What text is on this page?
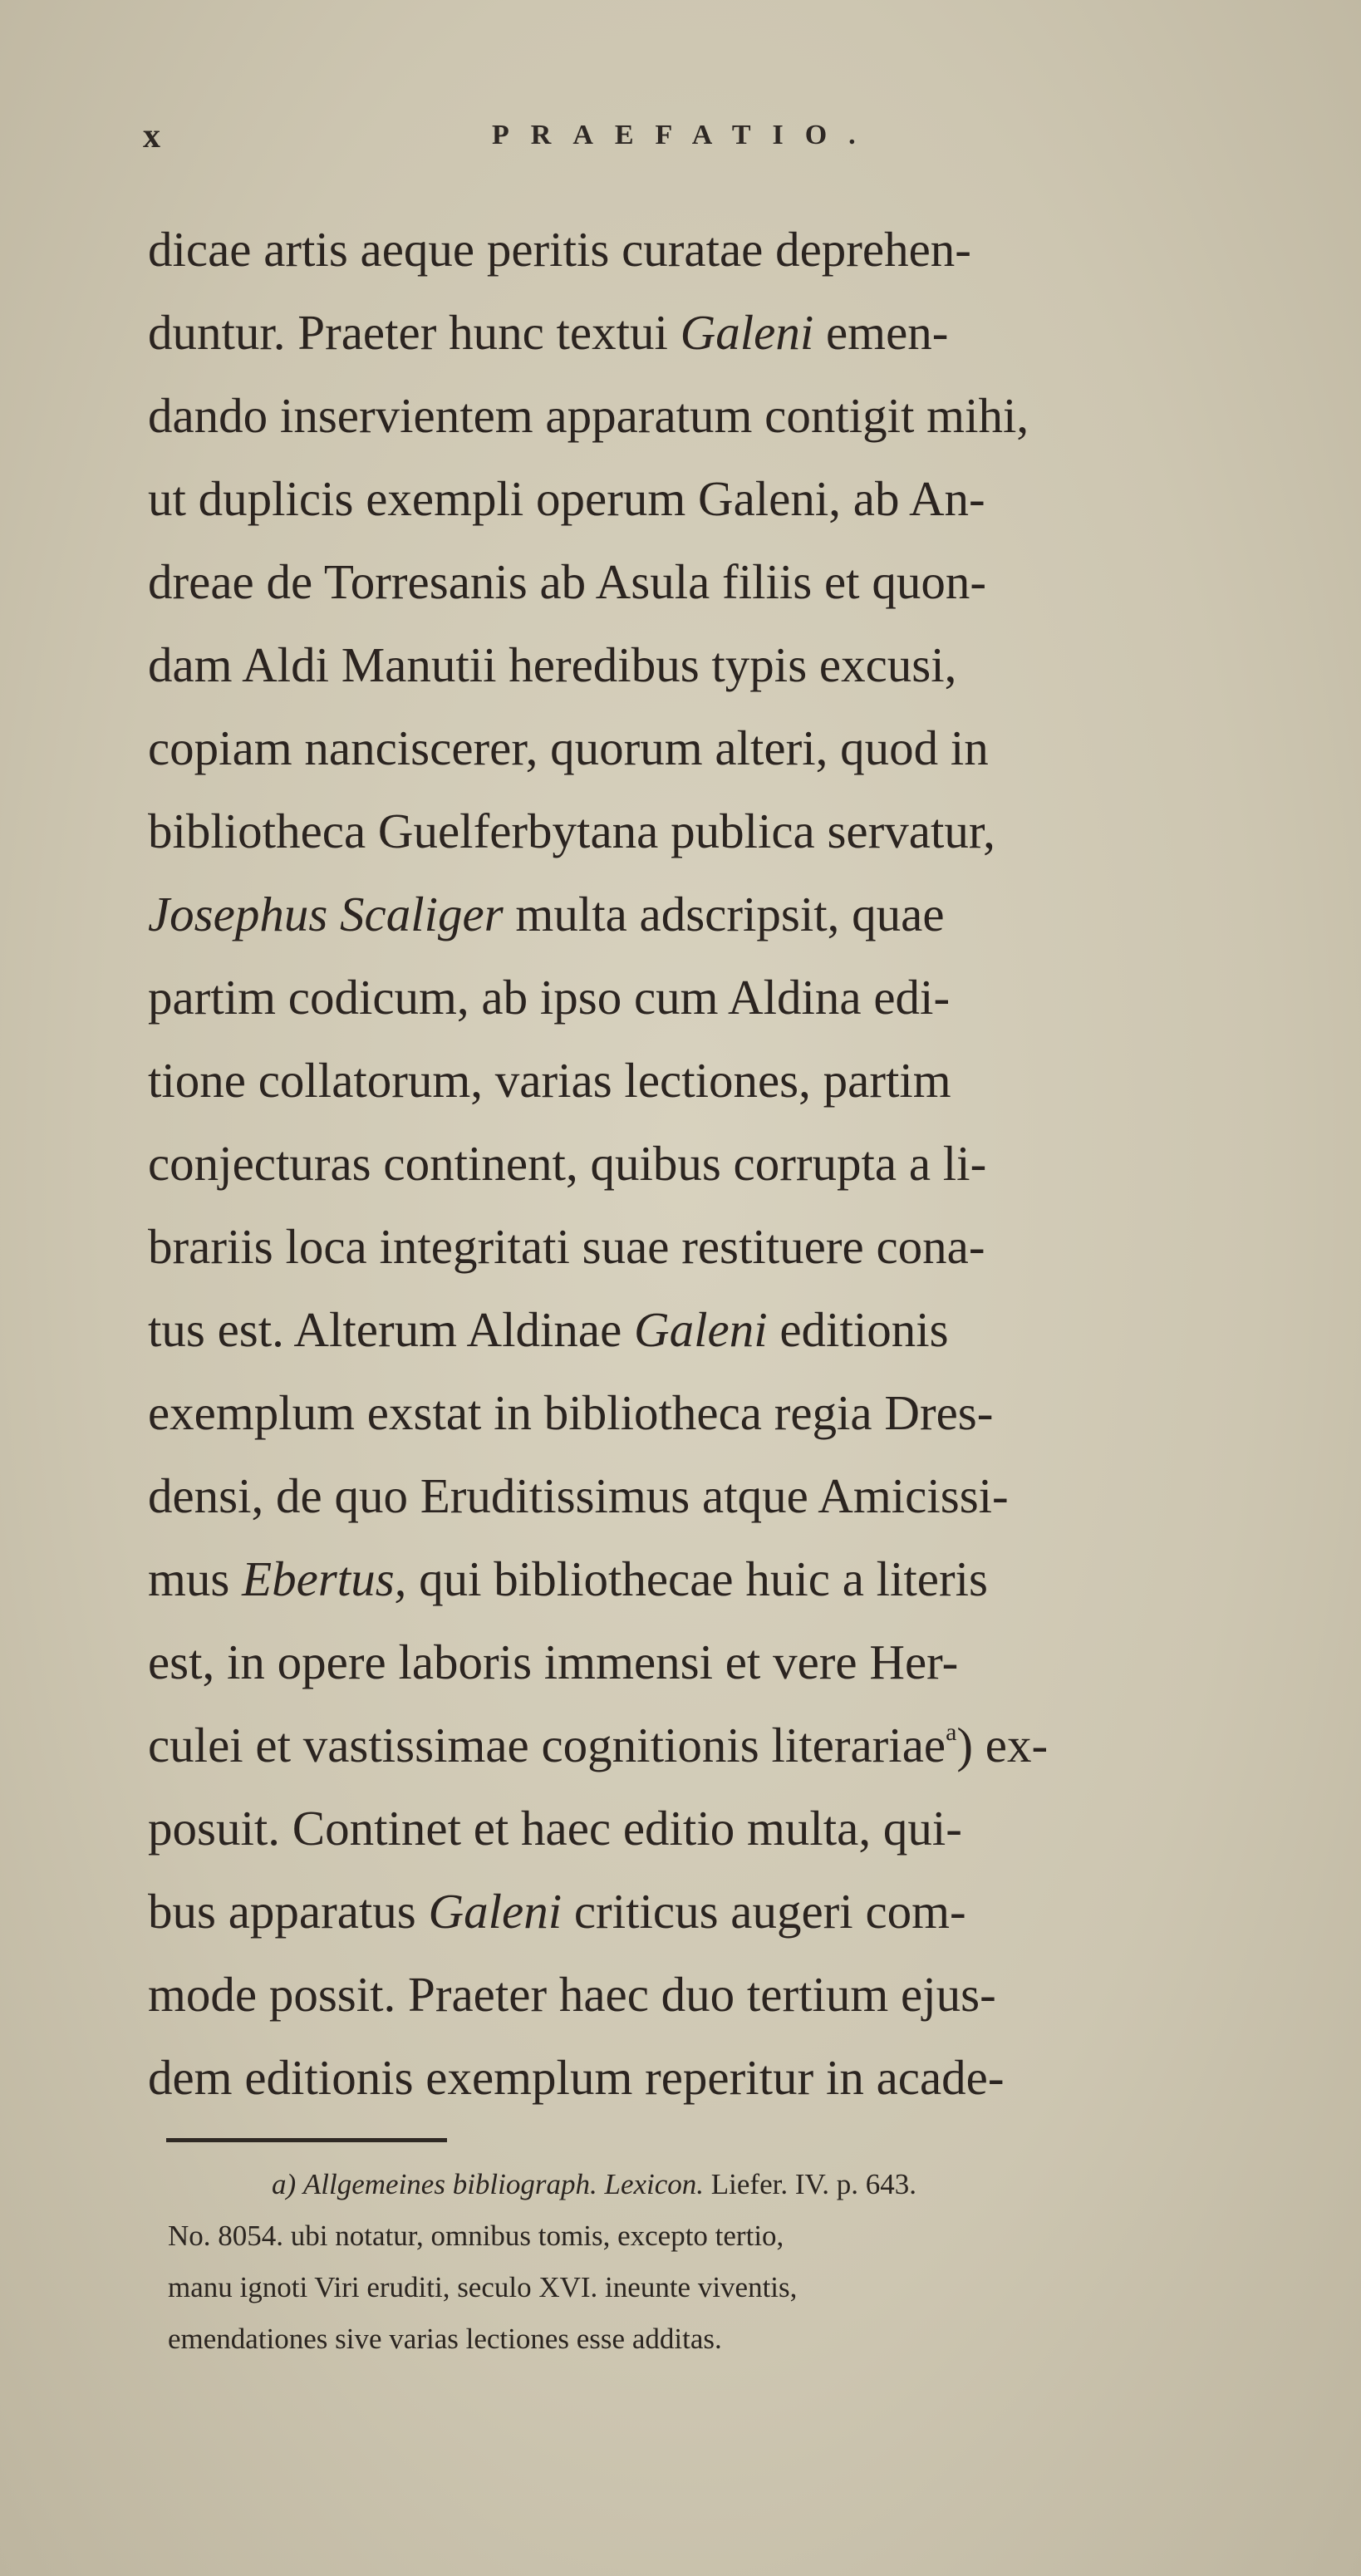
x	PRAEFATIO.
dicae artis aeque peritis curatae deprehen-
duntur. Praeter hunc textui Galeni emen-
dando inservientem apparatum contigit mihi,
ut duplicis exempli operum Galeni, ab An-
dreae de Torresanis ab Asula filiis et quon-
dam Aldi Manutii heredibus typis excusi,
copiam nanciscerer, quorum alteri, quod in
bibliotheca Guelferbytana publica servatur,
Josephus Scaliger multa adscripsit, quae
partim codicum, ab ipso cum Aldina edi-
tione collatorum, varias lectiones, partim
conjecturas continent, quibus corrupta a li-
brariis loca integritati suae restituere cona-
tus est. Alterum Aldinae Galeni editionis
exemplum exstat in bibliotheca regia Dres-
densi, de quo Eruditissimus atque Amicissi-
mus Ebertus, qui bibliothecae huic a literis
est, in opere laboris immensi et vere Her-
culei et vastissimae cognitionis literariae$^a$) ex-
posuit. Continet et haec editio multa, qui-
bus apparatus Galeni criticus augeri com-
mode possit. Praeter haec duo tertium ejus-
dem editionis exemplum reperitur in acade-
a) Allgemeines bibliograph. Lexicon. Liefer. IV. p. 643.
No. 8054. ubi notatur, omnibus tomis, excepto tertio,
manu ignoti Viri eruditi, seculo XVI. ineunte viventis,
emendationes sive varias lectiones esse additas.
